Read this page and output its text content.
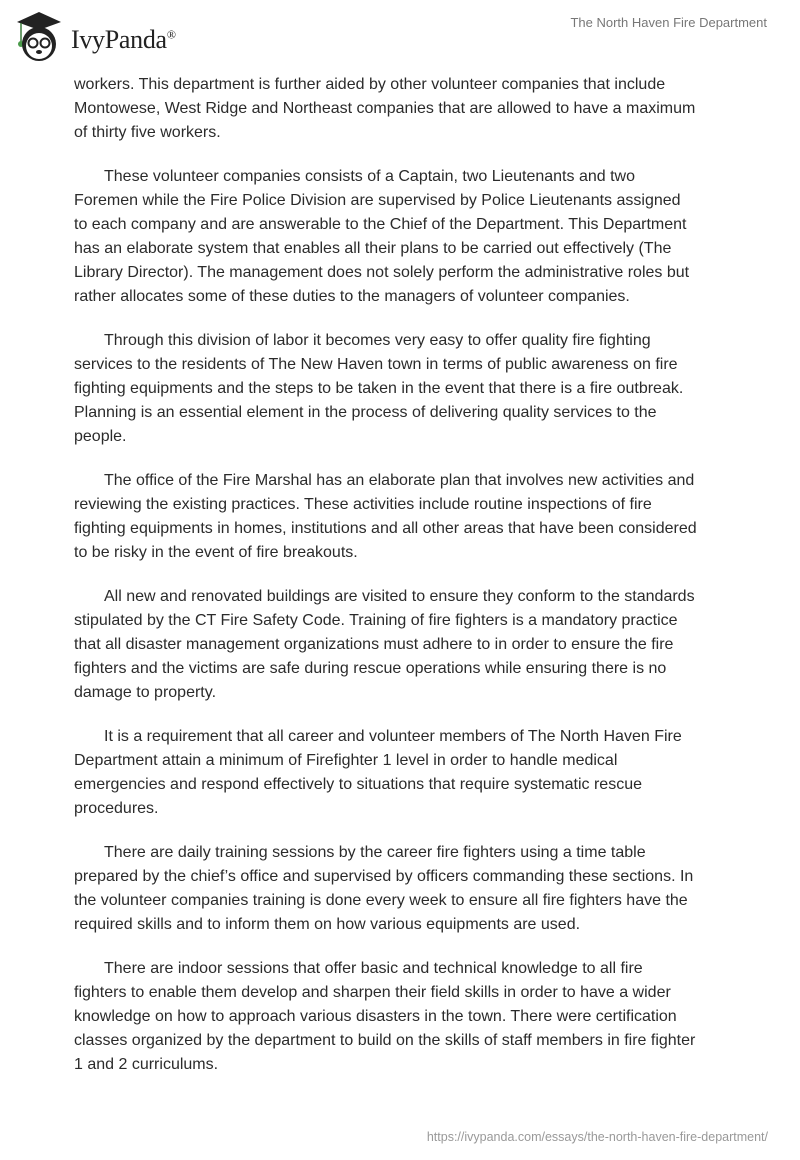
IvyPanda®
The North Haven Fire Department
workers. This department is further aided by other volunteer companies that include
Montowese, West Ridge and Northeast companies that are allowed to have a maximum
of thirty five workers.
These volunteer companies consists of a Captain, two Lieutenants and two
Foremen while the Fire Police Division are supervised by Police Lieutenants assigned
to each company and are answerable to the Chief of the Department. This Department
has an elaborate system that enables all their plans to be carried out effectively (The
Library Director). The management does not solely perform the administrative roles but
rather allocates some of these duties to the managers of volunteer companies.
Through this division of labor it becomes very easy to offer quality fire fighting
services to the residents of The New Haven town in terms of public awareness on fire
fighting equipments and the steps to be taken in the event that there is a fire outbreak.
Planning is an essential element in the process of delivering quality services to the
people.
The office of the Fire Marshal has an elaborate plan that involves new activities and
reviewing the existing practices. These activities include routine inspections of fire
fighting equipments in homes, institutions and all other areas that have been considered
to be risky in the event of fire breakouts.
All new and renovated buildings are visited to ensure they conform to the standards
stipulated by the CT Fire Safety Code. Training of fire fighters is a mandatory practice
that all disaster management organizations must adhere to in order to ensure the fire
fighters and the victims are safe during rescue operations while ensuring there is no
damage to property.
It is a requirement that all career and volunteer members of The North Haven Fire
Department attain a minimum of Firefighter 1 level in order to handle medical
emergencies and respond effectively to situations that require systematic rescue
procedures.
There are daily training sessions by the career fire fighters using a time table
prepared by the chief’s office and supervised by officers commanding these sections. In
the volunteer companies training is done every week to ensure all fire fighters have the
required skills and to inform them on how various equipments are used.
There are indoor sessions that offer basic and technical knowledge to all fire
fighters to enable them develop and sharpen their field skills in order to have a wider
knowledge on how to approach various disasters in the town. There were certification
classes organized by the department to build on the skills of staff members in fire fighter
1 and 2 curriculums.
https://ivypanda.com/essays/the-north-haven-fire-department/
